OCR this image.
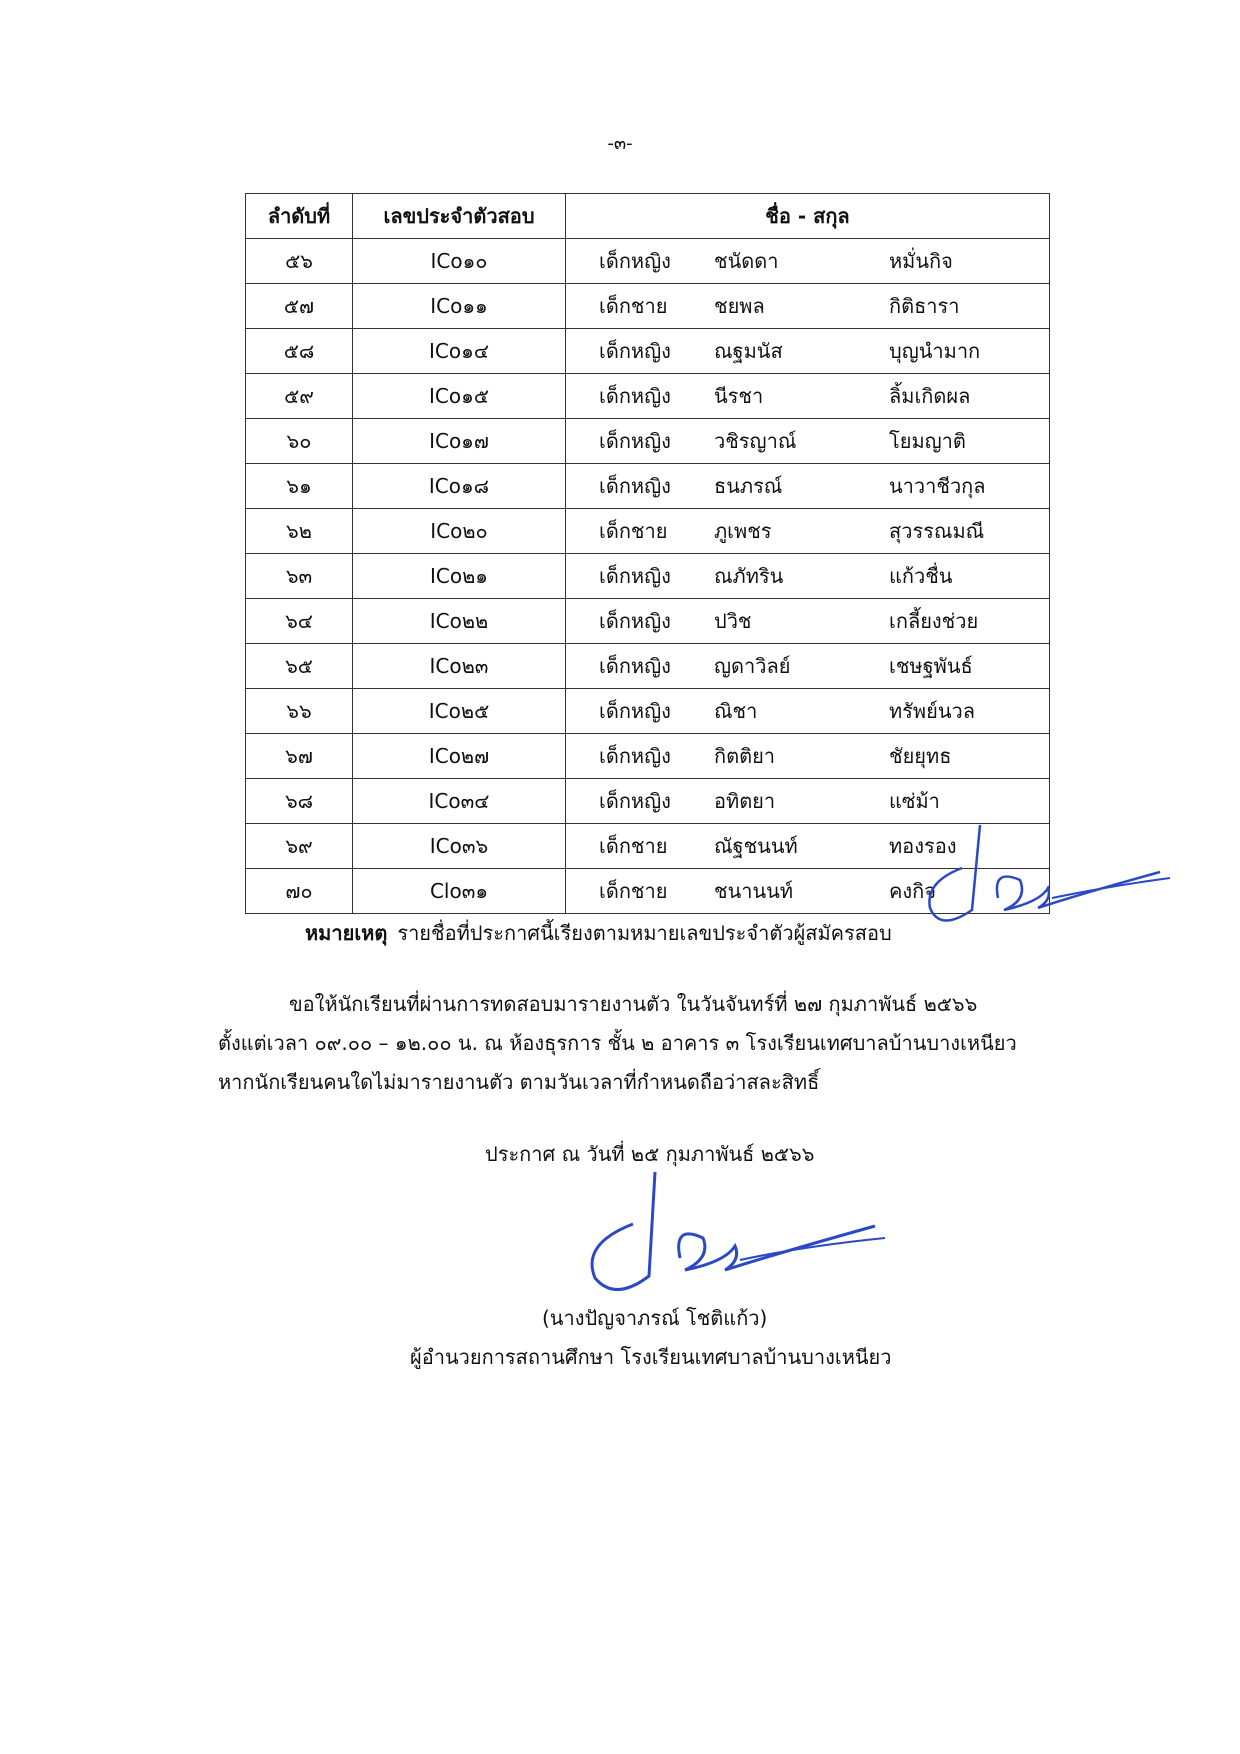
-๓-
ลำดับที่	เลขประจำตัวสอบ	ชื่อ - สกุล
๕๖	ICo๑๐	เด็กหญิง ชนัดดา หมั่นกิจ

๕๗	ICo๑๑	เด็กชาย ชยพล กิติธารา

๕๘	ICo๑๔	เด็กหญิง ณฐมนัส บุญนำมาก

๕๙	ICo๑๕	เด็กหญิง นีรชา ลิ้มเกิดผล

๖๐	ICo๑๗	เด็กหญิง วชิรญาณ์ โยมญาติ

๖๑	ICo๑๘	เด็กหญิง ธนภรณ์ นาวาชีวกุล

๖๒	ICo๒๐	เด็กชาย ภูเพชร สุวรรณมณี

๖๓	ICo๒๑	เด็กหญิง ณภัทริน แก้วชื่น

๖๔	ICo๒๒	เด็กหญิง ปวิช เกลี้ยงช่วย

๖๕	ICo๒๓	เด็กหญิง ญดาวิลย์ เชษฐพันธ์

๖๖	ICo๒๕	เด็กหญิง ณิชา ทรัพย์นวล

๖๗	ICo๒๗	เด็กหญิง กิตติยา ชัยยุทธ

๖๘	ICo๓๔	เด็กหญิง อทิตยา แซ่ม้า

๖๙	ICo๓๖	เด็กชาย ณัฐชนนท์ ทองรอง

๗๐	Clo๓๑	เด็กชาย ชนานนท์ คงกิจ
หมายเหตุ รายชื่อที่ประกาศนี้เรียงตามหมายเลขประจำตัวผู้สมัครสอบ
ขอให้นักเรียนที่ผ่านการทดสอบมารายงานตัว ในวันจันทร์ที่ ๒๗ กุมภาพันธ์ ๒๕๖๖
ตั้งแต่เวลา ๐๙.๐๐ – ๑๒.๐๐ น. ณ ห้องธุรการ ชั้น ๒ อาคาร ๓ โรงเรียนเทศบาลบ้านบางเหนียว
หากนักเรียนคนใดไม่มารายงานตัว ตามวันเวลาที่กำหนดถือว่าสละสิทธิ์
ประกาศ ณ วันที่ ๒๕ กุมภาพันธ์ ๒๕๖๖
(นางปัญจาภรณ์ โชติแก้ว)
ผู้อำนวยการสถานศึกษา โรงเรียนเทศบาลบ้านบางเหนียว
